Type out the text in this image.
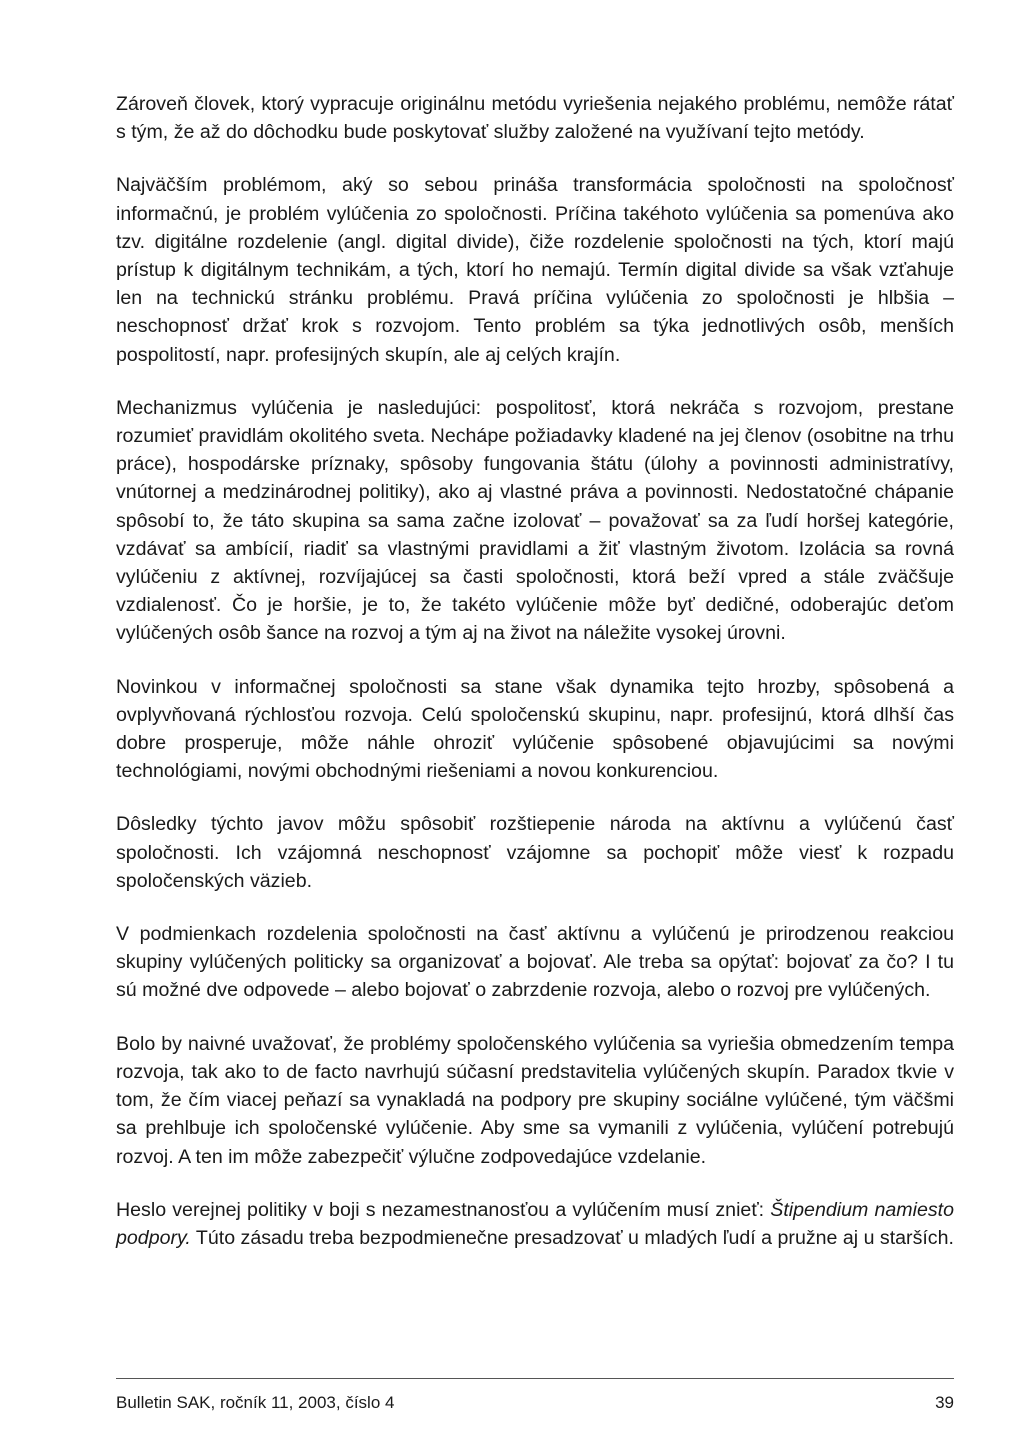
Zároveň človek, ktorý vypracuje originálnu metódu vyriešenia nejakého problému, nemôže rátať s tým, že až do dôchodku bude poskytovať služby založené na využívaní tejto metódy.

Najväčším problémom, aký so sebou prináša transformácia spoločnosti na spoločnosť informačnú, je problém vylúčenia zo spoločnosti. Príčina takéhoto vylúčenia sa pomenúva ako tzv. digitálne rozdelenie (angl. digital divide), čiže rozdelenie spoločnosti na tých, ktorí majú prístup k digitálnym technikám, a tých, ktorí ho nemajú. Termín digital divide sa však vzťahuje len na technickú stránku problému. Pravá príčina vylúčenia zo spoločnosti je hlbšia – neschopnosť držať krok s rozvojom. Tento problém sa týka jednotlivých osôb, menších pospolitostí, napr. profesijných skupín, ale aj celých krajín.

Mechanizmus vylúčenia je nasledujúci: pospolitosť, ktorá nekráča s rozvojom, prestane rozumieť pravidlám okolitého sveta. Nechápe požiadavky kladené na jej členov (osobitne na trhu práce), hospodárske príznaky, spôsoby fungovania štátu (úlohy a povinnosti administratívy, vnútornej a medzinárodnej politiky), ako aj vlastné práva a povinnosti. Nedostatočné chápanie spôsobí to, že táto skupina sa sama začne izolovať – považovať sa za ľudí horšej kategórie, vzdávať sa ambícií, riadiť sa vlastnými pravidlami a žiť vlastným životom. Izolácia sa rovná vylúčeniu z aktívnej, rozvíjajúcej sa časti spoločnosti, ktorá beží vpred a stále zväčšuje vzdialenosť. Čo je horšie, je to, že takéto vylúčenie môže byť dedičné, odoberajúc deťom vylúčených osôb šance na rozvoj a tým aj na život na náležite vysokej úrovni.

Novinkou v informačnej spoločnosti sa stane však dynamika tejto hrozby, spôsobená a ovplyvňovaná rýchlosťou rozvoja. Celú spoločenskú skupinu, napr. profesijnú, ktorá dlhší čas dobre prosperuje, môže náhle ohroziť vylúčenie spôsobené objavujúcimi sa novými technológiami, novými obchodnými riešeniami a novou konkurenciou.

Dôsledky týchto javov môžu spôsobiť rozštiepenie národa na aktívnu a vylúčenú časť spoločnosti. Ich vzájomná neschopnosť vzájomne sa pochopiť môže viesť k rozpadu spoločenských väzieb.

V podmienkach rozdelenia spoločnosti na časť aktívnu a vylúčenú je prirodzenou reakciou skupiny vylúčených politicky sa organizovať a bojovať. Ale treba sa opýtať: bojovať za čo? I tu sú možné dve odpovede – alebo bojovať o zabrzdenie rozvoja, alebo o rozvoj pre vylúčených.

Bolo by naivné uvažovať, že problémy spoločenského vylúčenia sa vyriešia obmedzením tempa rozvoja, tak ako to de facto navrhujú súčasní predstavitelia vylúčených skupín. Paradox tkvie v tom, že čím viacej peňazí sa vynakladá na podpory pre skupiny sociálne vylúčené, tým väčšmi sa prehlbuje ich spoločenské vylúčenie. Aby sme sa vymanili z vylúčenia, vylúčení potrebujú rozvoj. A ten im môže zabezpečiť výlučne zodpovedajúce vzdelanie.

Heslo verejnej politiky v boji s nezamestnanosťou a vylúčením musí znieť: Štipendium namiesto podpory. Túto zásadu treba bezpodmienečne presadzovať u mladých ľudí a pružne aj u starších.

Bulletin SAK, ročník 11, 2003, číslo 4	39
